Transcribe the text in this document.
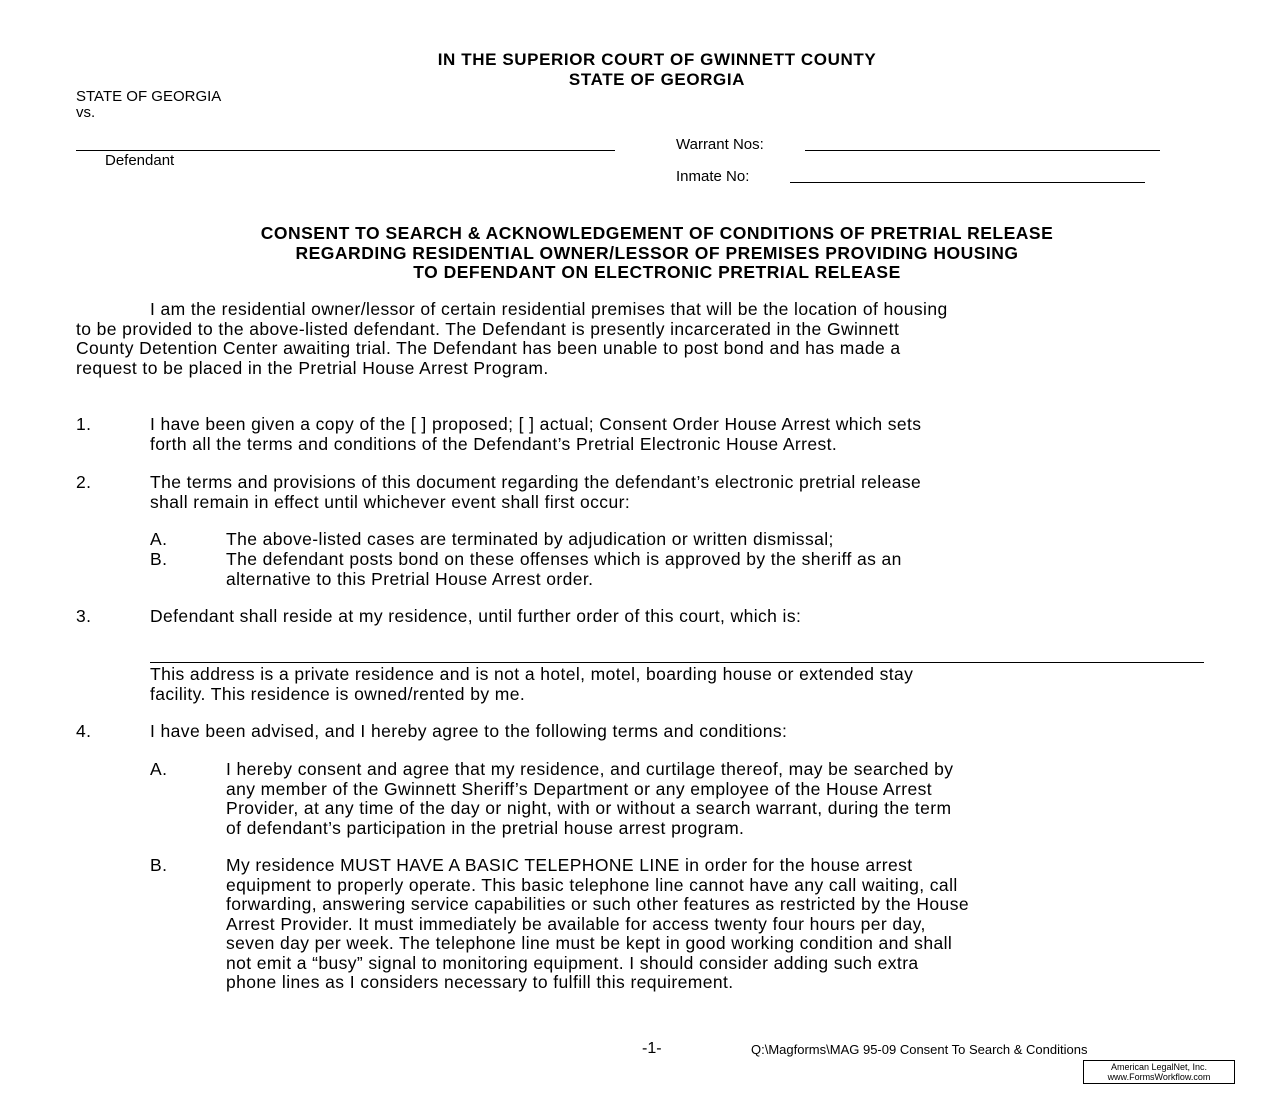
IN THE SUPERIOR COURT OF GWINNETT COUNTY
STATE OF GEORGIA
STATE OF GEORGIA
vs.
Defendant
Warrant Nos:
Inmate No:
CONSENT TO SEARCH & ACKNOWLEDGEMENT OF CONDITIONS OF PRETRIAL RELEASE
REGARDING RESIDENTIAL OWNER/LESSOR OF PREMISES PROVIDING HOUSING
TO DEFENDANT ON ELECTRONIC PRETRIAL RELEASE
I am the residential owner/lessor of certain residential premises that will be the location of housing
to be provided to the above-listed defendant. The Defendant is presently incarcerated in the Gwinnett
County Detention Center awaiting trial. The Defendant has been unable to post bond and has made a
request to be placed in the Pretrial House Arrest Program.
1.	I have been given a copy of the [ ] proposed; [ ] actual; Consent Order House Arrest which sets
forth all the terms and conditions of the Defendant’s Pretrial Electronic House Arrest.
2.	The terms and provisions of this document regarding the defendant’s electronic pretrial release
shall remain in effect until whichever event shall first occur:
A.	The above-listed cases are terminated by adjudication or written dismissal;
B.	The defendant posts bond on these offenses which is approved by the sheriff as an
alternative to this Pretrial House Arrest order.
3.	Defendant shall reside at my residence, until further order of this court, which is:
This address is a private residence and is not a hotel, motel, boarding house or extended stay
facility. This residence is owned/rented by me.
4.	I have been advised, and I hereby agree to the following terms and conditions:
A.	I hereby consent and agree that my residence, and curtilage thereof, may be searched by
any member of the Gwinnett Sheriff’s Department or any employee of the House Arrest
Provider, at any time of the day or night, with or without a search warrant, during the term
of defendant’s participation in the pretrial house arrest program.
B.	My residence MUST HAVE A BASIC TELEPHONE LINE in order for the house arrest
equipment to properly operate. This basic telephone line cannot have any call waiting, call
forwarding, answering service capabilities or such other features as restricted by the House
Arrest Provider. It must immediately be available for access twenty four hours per day,
seven day per week. The telephone line must be kept in good working condition and shall
not emit a “busy” signal to monitoring equipment. I should consider adding such extra
phone lines as I considers necessary to fulfill this requirement.
-1-	Q:\Magforms\MAG 95-09 Consent To Search & Conditions
American LegalNet, Inc.
www.FormsWorkflow.com
